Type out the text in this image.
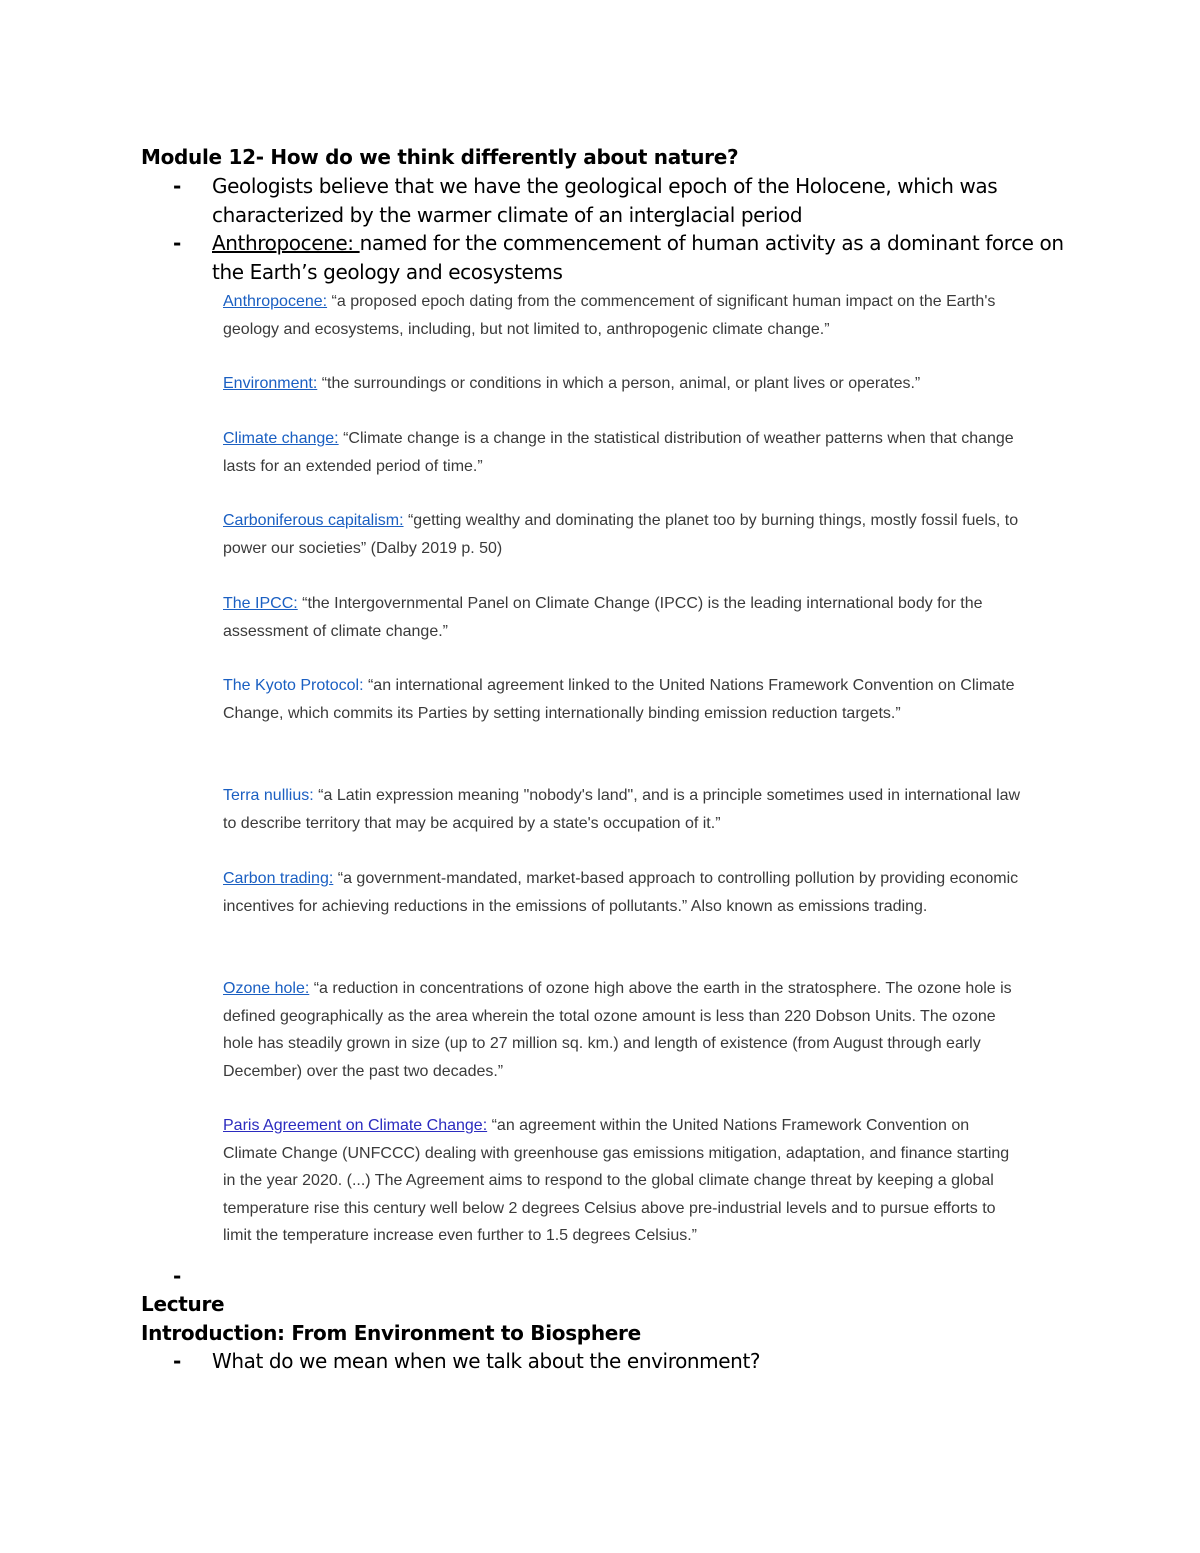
Module 12- How do we think differently about nature?
- Geologists believe that we have the geological epoch of the Holocene, which was characterized by the warmer climate of an interglacial period
- Anthropocene: named for the commencement of human activity as a dominant force on the Earth’s geology and ecosystems
Anthropocene: “a proposed epoch dating from the commencement of significant human impact on the Earth's geology and ecosystems, including, but not limited to, anthropogenic climate change.”
Environment: “the surroundings or conditions in which a person, animal, or plant lives or operates.”
Climate change: “Climate change is a change in the statistical distribution of weather patterns when that change lasts for an extended period of time.”
Carboniferous capitalism: “getting wealthy and dominating the planet too by burning things, mostly fossil fuels, to power our societies” (Dalby 2019 p. 50)
The IPCC: “the Intergovernmental Panel on Climate Change (IPCC) is the leading international body for the assessment of climate change.”
The Kyoto Protocol: “an international agreement linked to the United Nations Framework Convention on Climate Change, which commits its Parties by setting internationally binding emission reduction targets.”
Terra nullius: “a Latin expression meaning "nobody's land", and is a principle sometimes used in international law to describe territory that may be acquired by a state's occupation of it.”
Carbon trading: “a government-mandated, market-based approach to controlling pollution by providing economic incentives for achieving reductions in the emissions of pollutants.” Also known as emissions trading.
Ozone hole: “a reduction in concentrations of ozone high above the earth in the stratosphere. The ozone hole is defined geographically as the area wherein the total ozone amount is less than 220 Dobson Units. The ozone hole has steadily grown in size (up to 27 million sq. km.) and length of existence (from August through early December) over the past two decades.”
Paris Agreement on Climate Change: “an agreement within the United Nations Framework Convention on Climate Change (UNFCCC) dealing with greenhouse gas emissions mitigation, adaptation, and finance starting in the year 2020. (...) The Agreement aims to respond to the global climate change threat by keeping a global temperature rise this century well below 2 degrees Celsius above pre-industrial levels and to pursue efforts to limit the temperature increase even further to 1.5 degrees Celsius.”
-
Lecture
Introduction: From Environment to Biosphere
- What do we mean when we talk about the environment?
